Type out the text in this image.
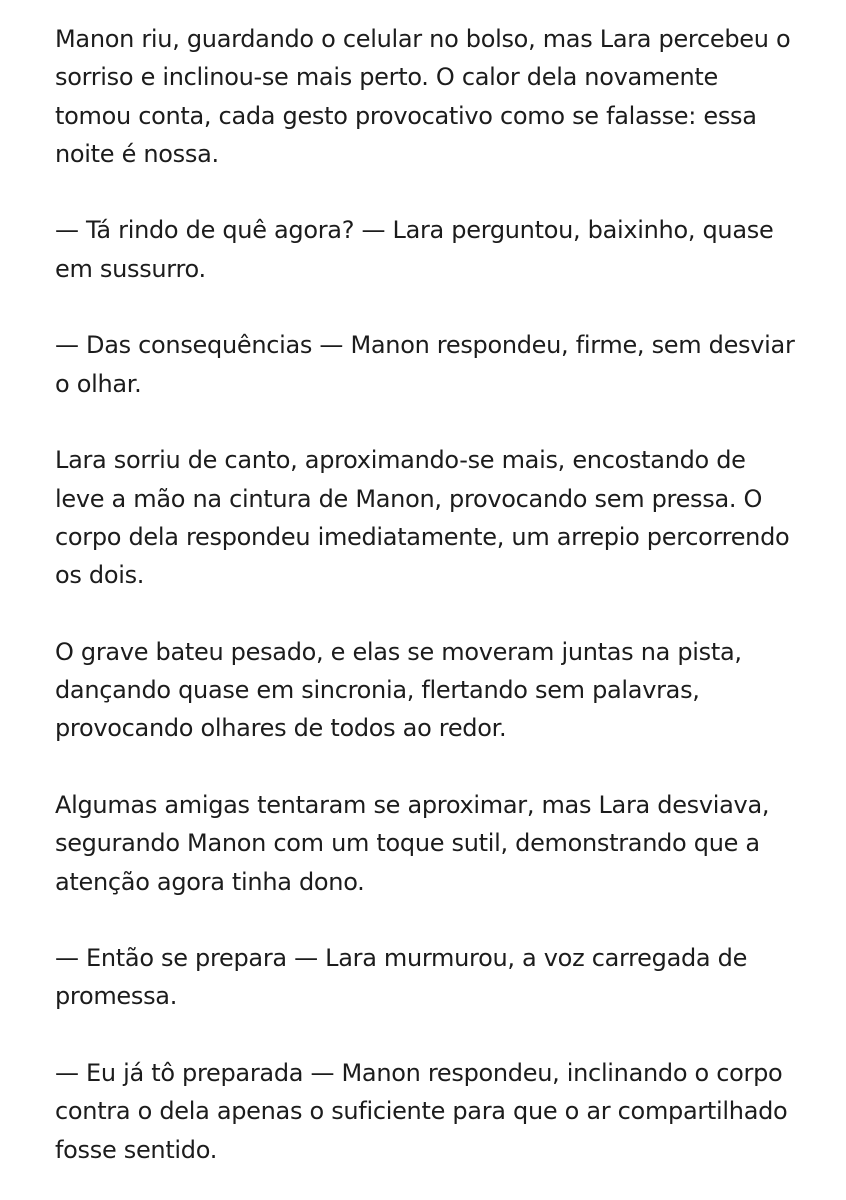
Manon riu, guardando o celular no bolso, mas Lara percebeu o sorriso e inclinou-se mais perto. O calor dela novamente tomou conta, cada gesto provocativo como se falasse: essa noite é nossa.

— Tá rindo de quê agora? — Lara perguntou, baixinho, quase em sussurro.

— Das consequências — Manon respondeu, firme, sem desviar o olhar.

Lara sorriu de canto, aproximando-se mais, encostando de leve a mão na cintura de Manon, provocando sem pressa. O corpo dela respondeu imediatamente, um arrepio percorrendo os dois.

O grave bateu pesado, e elas se moveram juntas na pista, dançando quase em sincronia, flertando sem palavras, provocando olhares de todos ao redor.

Algumas amigas tentaram se aproximar, mas Lara desviava, segurando Manon com um toque sutil, demonstrando que a atenção agora tinha dono.

— Então se prepara — Lara murmurou, a voz carregada de promessa.

— Eu já tô preparada — Manon respondeu, inclinando o corpo contra o dela apenas o suficiente para que o ar compartilhado fosse sentido.
